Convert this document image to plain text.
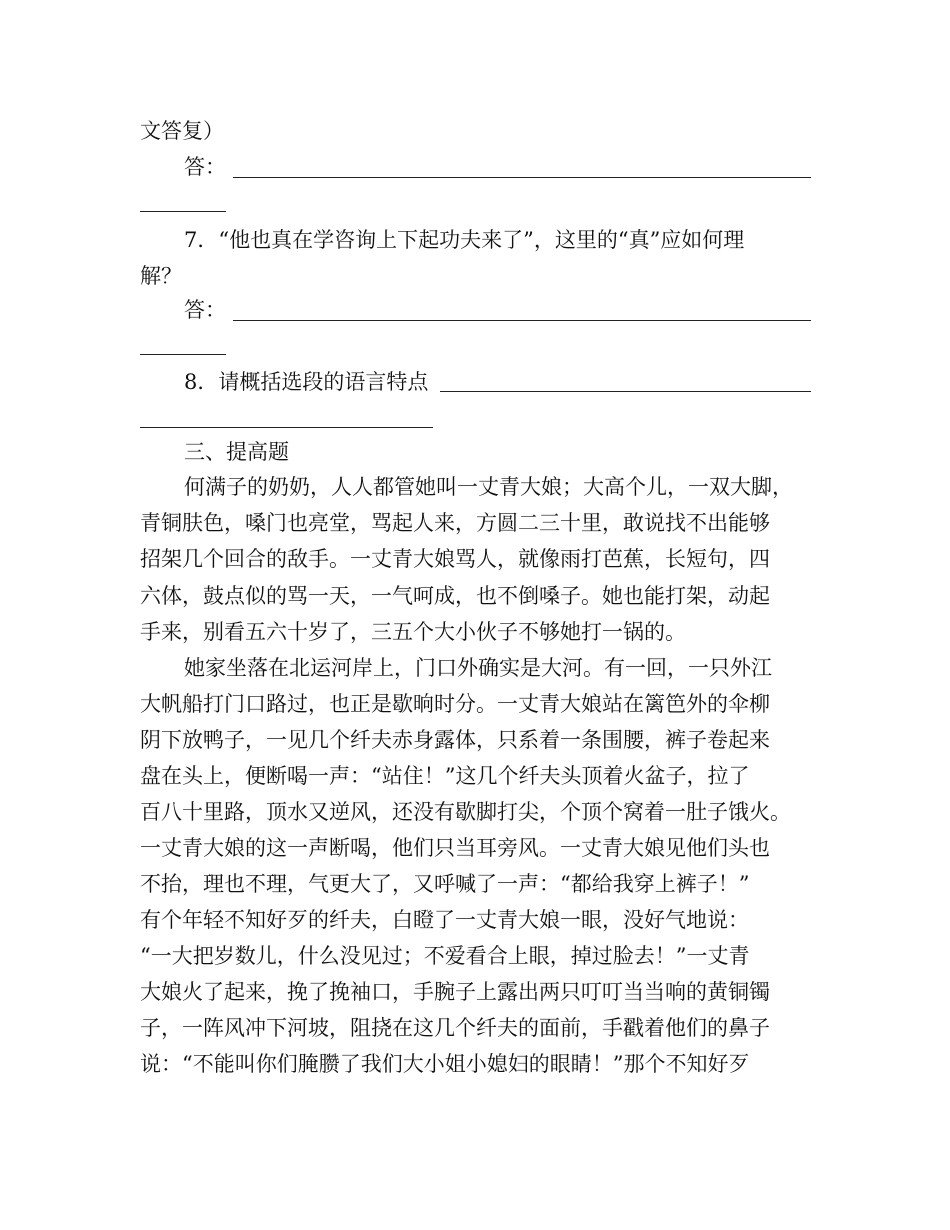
文答复）
答：
7．“他也真在学咨询上下起功夫来了”，这里的“真”应如何理
解？
答：
8．请概括选段的语言特点
三、提高题
何满子的奶奶，人人都管她叫一丈青大娘；大高个儿，一双大脚，
青铜肤色，嗓门也亮堂，骂起人来，方圆二三十里，敢说找不出能够
招架几个回合的敌手。一丈青大娘骂人，就像雨打芭蕉，长短句，四
六体，鼓点似的骂一天，一气呵成，也不倒嗓子。她也能打架，动起
手来，别看五六十岁了，三五个大小伙子不够她打一锅的。
她家坐落在北运河岸上，门口外确实是大河。有一回，一只外江
大帆船打门口路过，也正是歇晌时分。一丈青大娘站在篱笆外的伞柳
阴下放鸭子，一见几个纤夫赤身露体，只系着一条围腰，裤子卷起来
盘在头上，便断喝一声：“站住！”这几个纤夫头顶着火盆子，拉了
百八十里路，顶水又逆风，还没有歇脚打尖，个顶个窝着一肚子饿火。
一丈青大娘的这一声断喝，他们只当耳旁风。一丈青大娘见他们头也
不抬，理也不理，气更大了，又呼喊了一声：“都给我穿上裤子！”
有个年轻不知好歹的纤夫，白瞪了一丈青大娘一眼，没好气地说：
“一大把岁数儿，什么没见过；不爱看合上眼，掉过脸去！”一丈青
大娘火了起来，挽了挽袖口，手腕子上露出两只叮叮当当响的黄铜镯
子，一阵风冲下河坡，阻挠在这几个纤夫的面前，手戳着他们的鼻子
说：“不能叫你们腌臜了我们大小姐小媳妇的眼睛！”那个不知好歹
